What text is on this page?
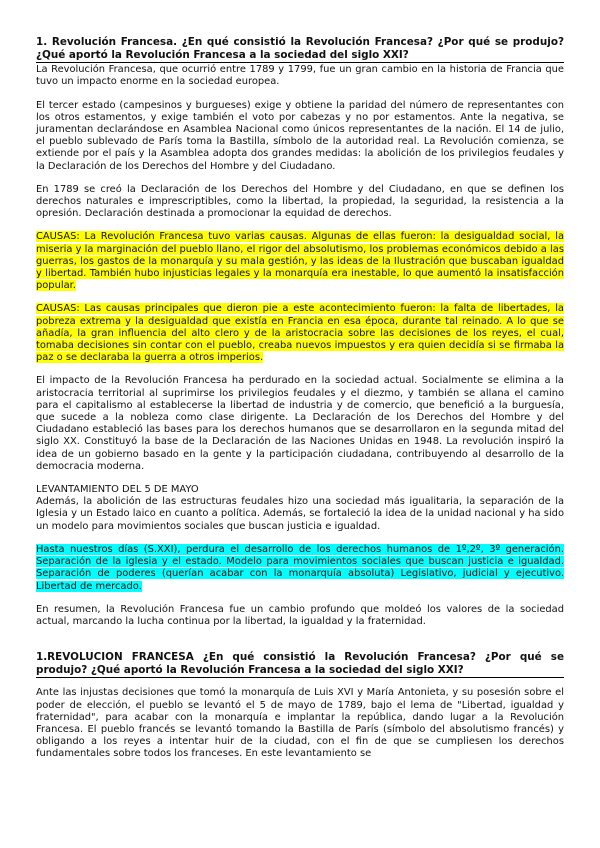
1. Revolución Francesa. ¿En qué consistió la Revolución Francesa? ¿Por qué se produjo? ¿Qué aportó la Revolución Francesa a la sociedad del siglo XXI?
La Revolución Francesa, que ocurrió entre 1789 y 1799, fue un gran cambio en la historia de Francia que tuvo un impacto enorme en la sociedad europea.
El tercer estado (campesinos y burgueses) exige y obtiene la paridad del número de representantes con los otros estamentos, y exige también el voto por cabezas y no por estamentos. Ante la negativa, se juramentan declarándose en Asamblea Nacional como únicos representantes de la nación. El 14 de julio, el pueblo sublevado de París toma la Bastilla, símbolo de la autoridad real. La Revolución comienza, se extiende por el país y la Asamblea adopta dos grandes medidas: la abolición de los privilegios feudales y la Declaración de los Derechos del Hombre y del Ciudadano.
En 1789 se creó la Declaración de los Derechos del Hombre y del Ciudadano, en que se definen los derechos naturales e imprescriptibles, como la libertad, la propiedad, la seguridad, la resistencia a la opresión. Declaración destinada a promocionar la equidad de derechos.
CAUSAS: La Revolución Francesa tuvo varias causas. Algunas de ellas fueron: la desigualdad social, la miseria y la marginación del pueblo llano, el rigor del absolutismo, los problemas económicos debido a las guerras, los gastos de la monarquía y su mala gestión, y las ideas de la Ilustración que buscaban igualdad y libertad. También hubo injusticias legales y la monarquía era inestable, lo que aumentó la insatisfacción popular.
CAUSAS: Las causas principales que dieron pie a este acontecimiento fueron: la falta de libertades, la pobreza extrema y la desigualdad que existía en Francia en esa época, durante tal reinado. A lo que se añadía, la gran influencia del alto clero y de la aristocracia sobre las decisiones de los reyes, el cual, tomaba decisiones sin contar con el pueblo, creaba nuevos impuestos y era quien decidía si se firmaba la paz o se declaraba la guerra a otros imperios.
El impacto de la Revolución Francesa ha perdurado en la sociedad actual. Socialmente se elimina a la aristocracia territorial al suprimirse los privilegios feudales y el diezmo, y también se allana el camino para el capitalismo al establecerse la libertad de industria y de comercio, que benefició a la burguesía, que sucede a la nobleza como clase dirigente. La Declaración de los Derechos del Hombre y del Ciudadano estableció las bases para los derechos humanos que se desarrollaron en la segunda mitad del siglo XX. Constituyó la base de la Declaración de las Naciones Unidas en 1948. La revolución inspiró la idea de un gobierno basado en la gente y la participación ciudadana, contribuyendo al desarrollo de la democracia moderna.
LEVANTAMIENTO DEL 5 DE MAYO
Además, la abolición de las estructuras feudales hizo una sociedad más igualitaria, la separación de la Iglesia y un Estado laico en cuanto a política. Además, se fortaleció la idea de la unidad nacional y ha sido un modelo para movimientos sociales que buscan justicia e igualdad.
Hasta nuestros días (S.XXI), perdura el desarrollo de los derechos humanos de 1º,2º, 3º generación. Separación de la iglesia y el estado. Modelo para movimientos sociales que buscan justicia e igualdad. Separación de poderes (querían acabar con la monarquía absoluta) Legislativo, judicial y ejecutivo. Libertad de mercado.
En resumen, la Revolución Francesa fue un cambio profundo que moldeó los valores de la sociedad actual, marcando la lucha continua por la libertad, la igualdad y la fraternidad.
1.REVOLUCION FRANCESA ¿En qué consistió la Revolución Francesa? ¿Por qué se produjo? ¿Qué aportó la Revolución Francesa a la sociedad del siglo XXI?
Ante las injustas decisiones que tomó la monarquía de Luis XVI y María Antonieta, y su posesión sobre el poder de elección, el pueblo se levantó el 5 de mayo de 1789, bajo el lema de "Libertad, igualdad y fraternidad", para acabar con la monarquía e implantar la república, dando lugar a la Revolución Francesa. El pueblo francés se levantó tomando la Bastilla de París (símbolo del absolutismo francés) y obligando a los reyes a intentar huir de la ciudad, con el fin de que se cumpliesen los derechos fundamentales sobre todos los franceses. En este levantamiento se
